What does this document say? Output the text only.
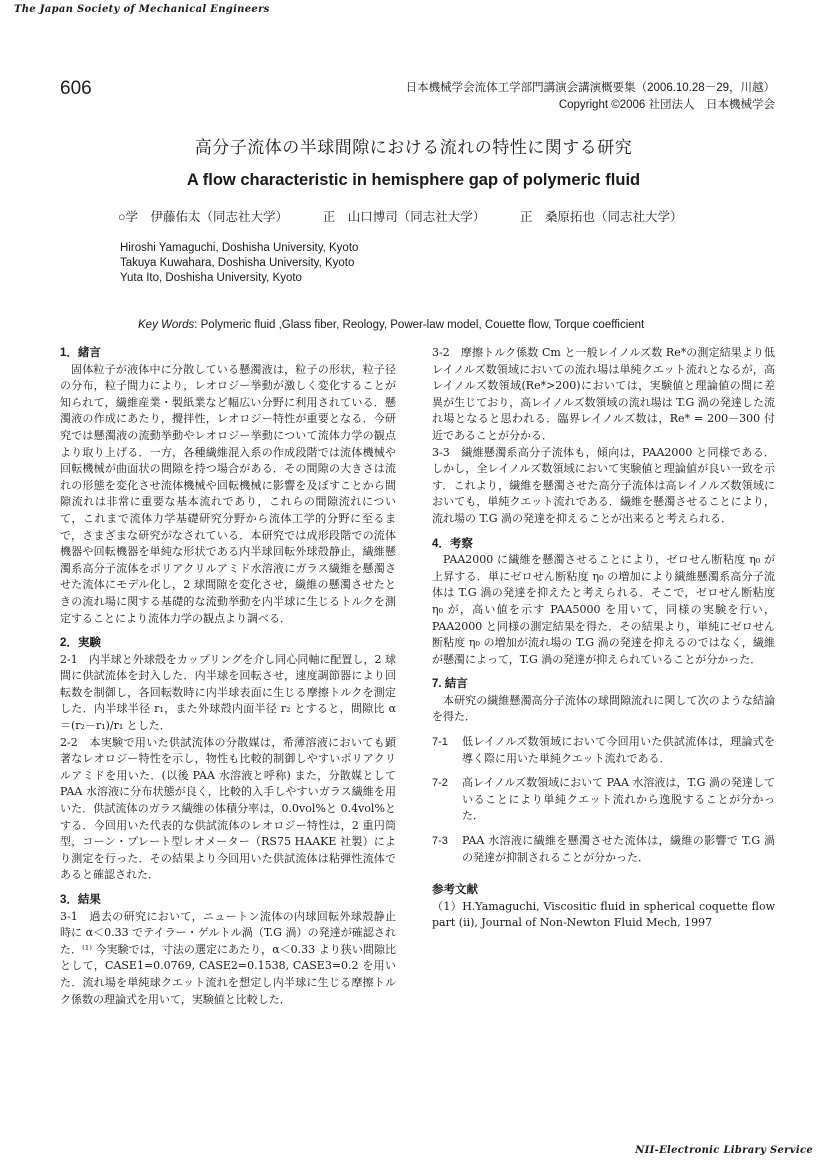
The Japan Society of Mechanical Engineers
606	日本機械学会流体工学部門講演会講演概要集（2006.10.28－29，川越）
Copyright ©2006 社団法人　日本機械学会
高分子流体の半球間隙における流れの特性に関する研究
A flow characteristic in hemisphere gap of polymeric fluid
○学　伊藤佑太（同志社大学）	正　山口博司（同志社大学）	正　桑原拓也（同志社大学）
Hiroshi Yamaguchi, Doshisha University, Kyoto
Takuya Kuwahara, Doshisha University, Kyoto
Yuta Ito, Doshisha University, Kyoto
Key Words: Polymeric fluid ,Glass fiber, Reology, Power-law model, Couette flow, Torque coefficient

1．緒言

固体粒子が液体中に分散している懸濁液は，粒子の形状，粒子径の分布，粒子間力により，レオロジー挙動が激しく変化することが知られて，繊維産業・製紙業など幅広い分野に利用されている．懸濁液の作成にあたり，攪拌性，レオロジー特性が重要となる．今研究では懸濁液の流動挙動やレオロジー挙動について流体力学の観点より取り上げる．一方，各種繊維混入系の作成段階では流体機械や回転機械が曲面状の間隙を持つ場合がある．その間隙の大きさは流れの形態を変化させ流体機械や回転機械に影響を及ぼすことから間隙流れは非常に重要な基本流れであり，これらの間隙流れについて，これまで流体力学基礎研究分野から流体工学的分野に至るまで，さまざまな研究がなされている．本研究では成形段階での流体機器や回転機器を単純な形状である内半球回転外球殻静止，繊維懸濁系高分子流体をポリアクリルアミド水溶液にガラス繊維を懸濁させた流体にモデル化し，2 球間隙を変化させ，繊維の懸濁させたときの流れ場に関する基礎的な流動挙動を内半球に生じるトルクを測定することにより流体力学の観点より調べる．

2．実験

2-1　内半球と外球殻をカップリングを介し同心同軸に配置し，2 球間に供試流体を封入した．内半球を回転させ，速度調節器により回転数を制御し，各回転数時に内半球表面に生じる摩擦トルクを測定した．内半球半径 r₁，また外球殻内面半径 r₂ とすると，間隙比 α＝(r₂－r₁)/r₁ とした．

2-2　本実験で用いた供試流体の分散媒は，希薄溶液においても顕著なレオロジー特性を示し，物性も比較的制御しやすいポリアクリルアミドを用いた．(以後 PAA 水溶液と呼称) また，分散媒として PAA 水溶液に分布状態が良く，比較的入手しやすいガラス繊維を用いた．供試流体のガラス繊維の体積分率は，0.0vol%と 0.4vol%とする．今回用いた代表的な供試流体のレオロジー特性は，2 重円筒型，コーン・プレート型レオメーター（RS75 HAAKE 社製）により測定を行った．その結果より今回用いた供試流体は粘弾性流体であると確認された．

3．結果

3-1　過去の研究において，ニュートン流体の内球回転外球殻静止時に α＜0.33 でテイラー・ゲルトル渦（T.G 渦）の発達が確認された．⁽¹⁾ 今実験では，寸法の選定にあたり，α＜0.33 より狭い間隙比として，CASE1=0.0769, CASE2=0.1538, CASE3=0.2 を用いた．流れ場を単純球クエット流れを想定し内半球に生じる摩擦トルク係数の理論式を用いて，実験値と比較した．

3-2　摩擦トルク係数 Cm と一般レイノルズ数 Re*の測定結果より低レイノルズ数領域においての流れ場は単純クエット流れとなるが，高レイノルズ数領域(Re*>200)においては，実験値と理論値の間に差異が生じており，高レイノルズ数領域の流れ場は T.G 渦の発達した流れ場となると思われる．臨界レイノルズ数は，Re* = 200－300 付近であることが分かる．

3-3　繊維懸濁系高分子流体も，傾向は，PAA2000 と同様である．しかし，全レイノルズ数領域において実験値と理論値が良い一致を示す．これより，繊維を懸濁させた高分子流体は高レイノルズ数領域においても，単純クエット流れである．繊維を懸濁させることにより，流れ場の T.G 渦の発達を抑えることが出来ると考えられる．

4．考察

PAA2000 に繊維を懸濁させることにより，ゼロせん断粘度 η₀ が上昇する．単にゼロせん断粘度 η₀ の増加により繊維懸濁系高分子流体は T.G 渦の発達を抑えたと考えられる．そこで，ゼロせん断粘度 η₀ が，高い値を示す PAA5000 を用いて，同様の実験を行い，PAA2000 と同様の測定結果を得た．その結果より，単純にゼロせん断粘度 η₀ の増加が流れ場の T.G 渦の発達を抑えるのではなく，繊維が懸濁によって，T.G 渦の発達が抑えられていることが分かった．

7. 結言

本研究の繊維懸濁高分子流体の球間隙流れに関して次のような結論を得た．

7-1	低レイノルズ数領域において今回用いた供試流体は，理論式を導く際に用いた単純クエット流れである．
7-2	高レイノルズ数領域において PAA 水溶液は，T.G 渦の発達していることにより単純クエット流れから逸脱することが分かった．
7-3	PAA 水溶液に繊維を懸濁させた流体は，繊維の影響で T.G 渦の発達が抑制されることが分かった．

参考文献

（1）H.Yamaguchi, Viscositic fluid in spherical coquette flow part (ii), Journal of Non-Newton Fluid Mech, 1997

NII-Electronic Library Service
